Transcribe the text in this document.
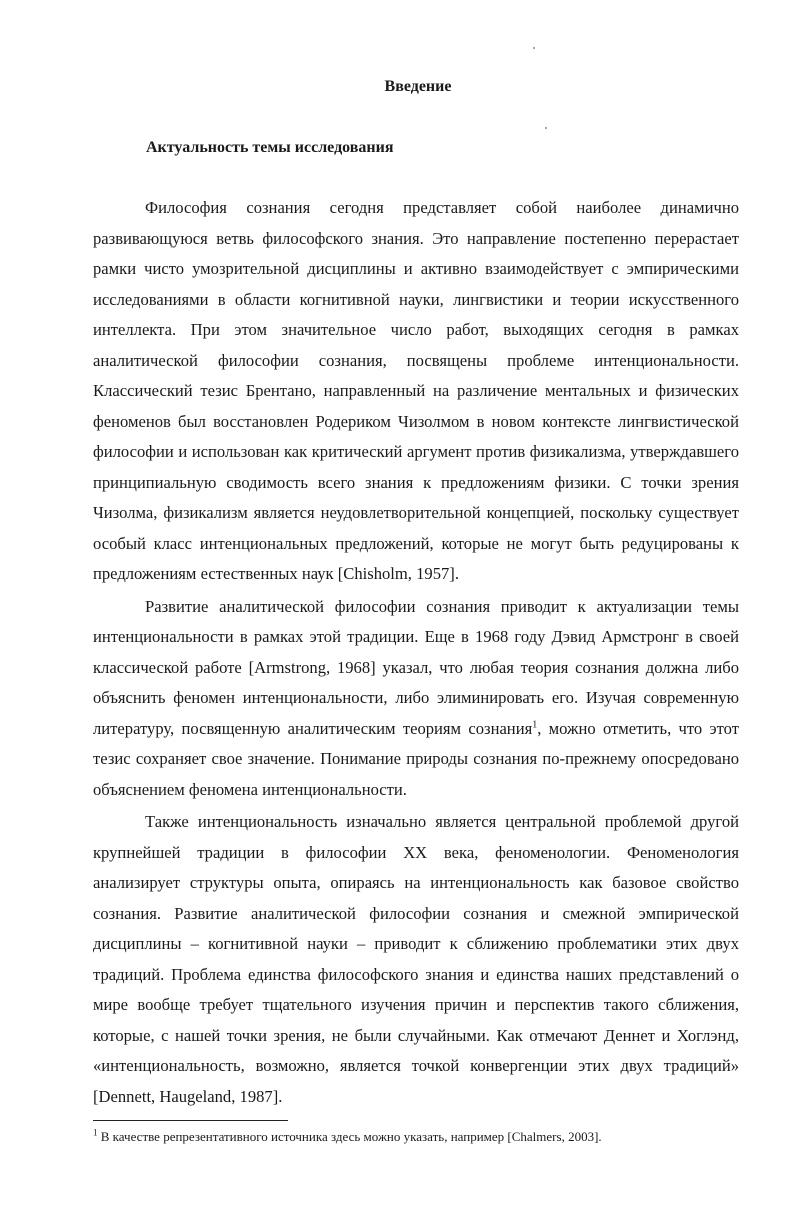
Введение
Актуальность темы исследования

Философия сознания сегодня представляет собой наиболее динамично развивающуюся ветвь философского знания. Это направление постепенно перерастает рамки чисто умозрительной дисциплины и активно взаимодействует с эмпирическими исследованиями в области когнитивной науки, лингвистики и теории искусственного интеллекта. При этом значительное число работ, выходящих сегодня в рамках аналитической философии сознания, посвящены проблеме интенциональности. Классический тезис Брентано, направленный на различение ментальных и физических феноменов был восстановлен Родериком Чизолмом в новом контексте лингвистической философии и использован как критический аргумент против физикализма, утверждавшего принципиальную сводимость всего знания к предложениям физики. С точки зрения Чизолма, физикализм является неудовлетворительной концепцией, поскольку существует особый класс интенциональных предложений, которые не могут быть редуцированы к предложениям естественных наук [Chisholm, 1957].

Развитие аналитической философии сознания приводит к актуализации темы интенциональности в рамках этой традиции. Еще в 1968 году Дэвид Армстронг в своей классической работе [Armstrong, 1968] указал, что любая теория сознания должна либо объяснить феномен интенциональности, либо элиминировать его. Изучая современную литературу, посвященную аналитическим теориям сознания$^1$, можно отметить, что этот тезис сохраняет свое значение. Понимание природы сознания по-прежнему опосредовано объяснением феномена интенциональности.

Также интенциональность изначально является центральной проблемой другой крупнейшей традиции в философии XX века, феноменологии. Феноменология анализирует структуры опыта, опираясь на интенциональность как базовое свойство сознания. Развитие аналитической философии сознания и смежной эмпирической дисциплины – когнитивной науки – приводит к сближению проблематики этих двух традиций. Проблема единства философского знания и единства наших представлений о мире вообще требует тщательного изучения причин и перспектив такого сближения, которые, с нашей точки зрения, не были случайными. Как отмечают Деннет и Хоглэнд, «интенциональность, возможно, является точкой конвергенции этих двух традиций» [Dennett, Haugeland, 1987].

$^1$ В качестве репрезентативного источника здесь можно указать, например [Chalmers, 2003].
